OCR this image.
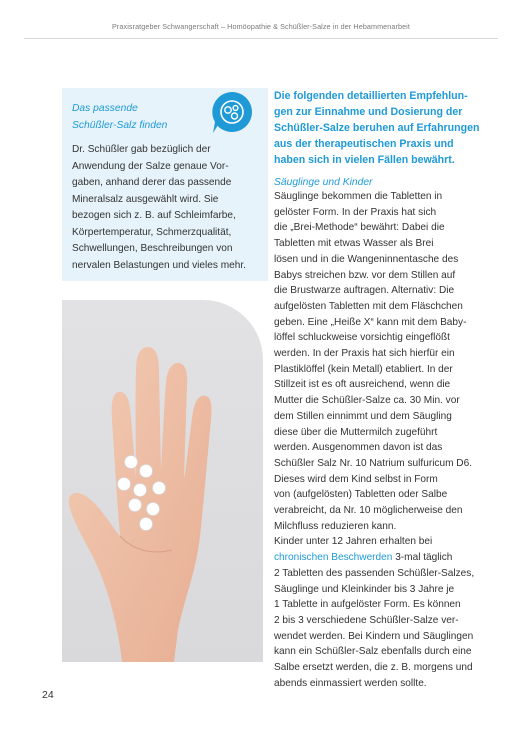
Praxisratgeber Schwangerschaft – Homöopathie & Schüßler-Salze in der Hebammenarbeit
Das passende
Schüßler-Salz finden
Dr. Schüßler gab bezüglich der
Anwendung der Salze genaue Vor-
gaben, anhand derer das passende
Mineralsalz ausgewählt wird. Sie
bezogen sich z. B. auf Schleimfarbe,
Körpertemperatur, Schmerzqualität,
Schwellungen, Beschreibungen von
nervalen Belastungen und vieles mehr.
Die folgenden detaillierten Empfehlun-
gen zur Einnahme und Dosierung der
Schüßler-Salze beruhen auf Erfahrungen
aus der therapeutischen Praxis und
haben sich in vielen Fällen bewährt.
Säuglinge und Kinder
Säuglinge bekommen die Tabletten in
gelöster Form. In der Praxis hat sich
die „Brei-Methode“ bewährt: Dabei die
Tabletten mit etwas Wasser als Brei
lösen und in die Wangeninnentasche des
Babys streichen bzw. vor dem Stillen auf
die Brustwarze auftragen. Alternativ: Die
aufgelösten Tabletten mit dem Fläschchen
geben. Eine „Heiße X“ kann mit dem Baby-
löffel schluckweise vorsichtig eingeflößt
werden. In der Praxis hat sich hierfür ein
Plastiklöffel (kein Metall) etabliert. In der
Stillzeit ist es oft ausreichend, wenn die
Mutter die Schüßler-Salze ca. 30 Min. vor
dem Stillen einnimmt und dem Säugling
diese über die Muttermilch zugeführt
werden. Ausgenommen davon ist das
Schüßler Salz Nr. 10 Natrium sulfuricum D6.
Dieses wird dem Kind selbst in Form
von (aufgelösten) Tabletten oder Salbe
verabreicht, da Nr. 10 möglicherweise den
Milchfluss reduzieren kann.
Kinder unter 12 Jahren erhalten bei
chronischen Beschwerden 3-mal täglich
2 Tabletten des passenden Schüßler-Salzes,
Säuglinge und Kleinkinder bis 3 Jahre je
1 Tablette in aufgelöster Form. Es können
2 bis 3 verschiedene Schüßler-Salze ver-
wendet werden. Bei Kindern und Säuglingen
kann ein Schüßler-Salz ebenfalls durch eine
Salbe ersetzt werden, die z. B. morgens und
abends einmassiert werden sollte.
24
